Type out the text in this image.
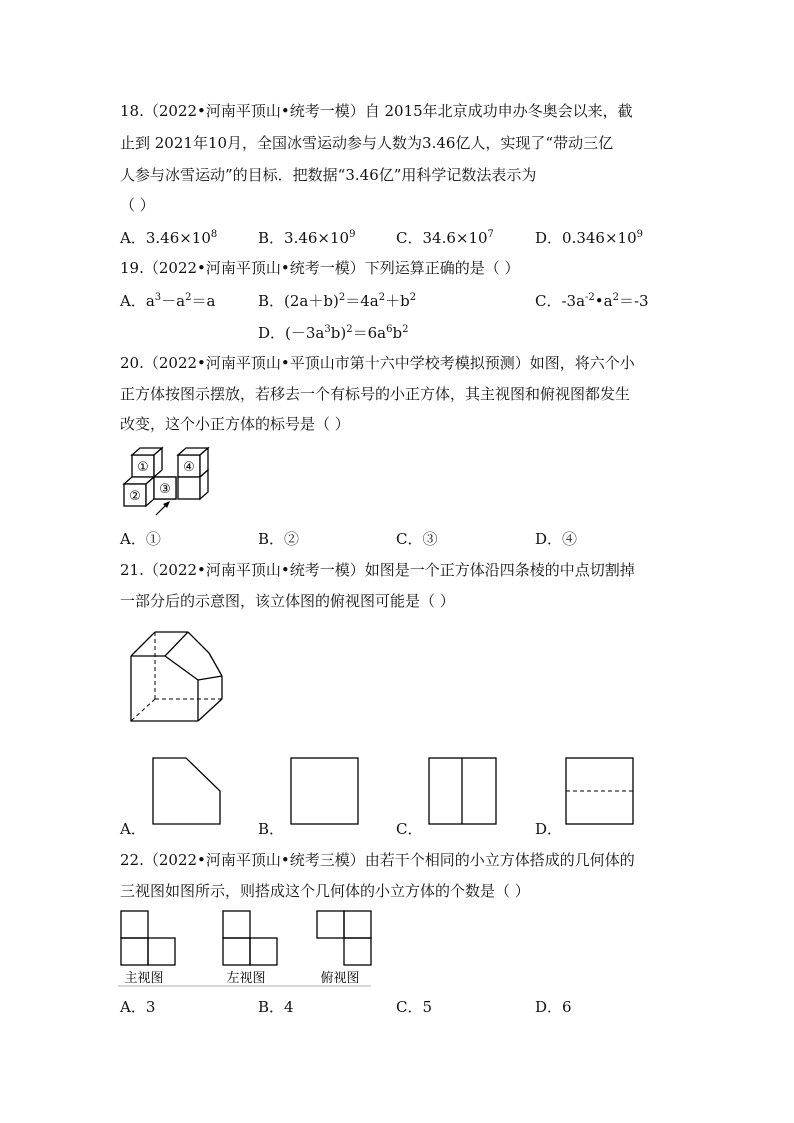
18.（2022•河南平顶山•统考一模）自 2015年北京成功申办冬奥会以来，截
止到 2021年10月，全国冰雪运动参与人数为3.46亿人，实现了“带动三亿
人参与冰雪运动”的目标．把数据“3.46亿”用科学记数法表示为
（ ）
A．$3.46\times 10^8$	B．$3.46\times 10^9$	C．$34.6\times 10^7$	D．$0.346\times 10^9$
19.（2022•河南平顶山•统考一模）下列运算正确的是（ ）
A．$a^3-a^2=a$	B．$(2a+b)^2=4a^2+b^2$	C．$-3a^{-2}•a^2=-3$
D．$(-3a^3b)^2=6a^6b^2$
20.（2022•河南平顶山•平顶山市第十六中学校考模拟预测）如图，将六个小
正方体按图示摆放，若移去一个有标号的小正方体，其主视图和俯视图都发生
改变，这个小正方体的标号是（ ）
①	④
② ③
A．①	B．②	C．③	D．④
21.（2022•河南平顶山•统考一模）如图是一个正方体沿四条棱的中点切割掉
一部分后的示意图，该立体图的俯视图可能是（ ）
A．	B．	C．	D．
22.（2022•河南平顶山•统考三模）由若干个相同的小立方体搭成的几何体的
三视图如图所示，则搭成这个几何体的小立方体的个数是（ ）
主视图	左视图	俯视图
A．3	B．4	C．5	D．6
